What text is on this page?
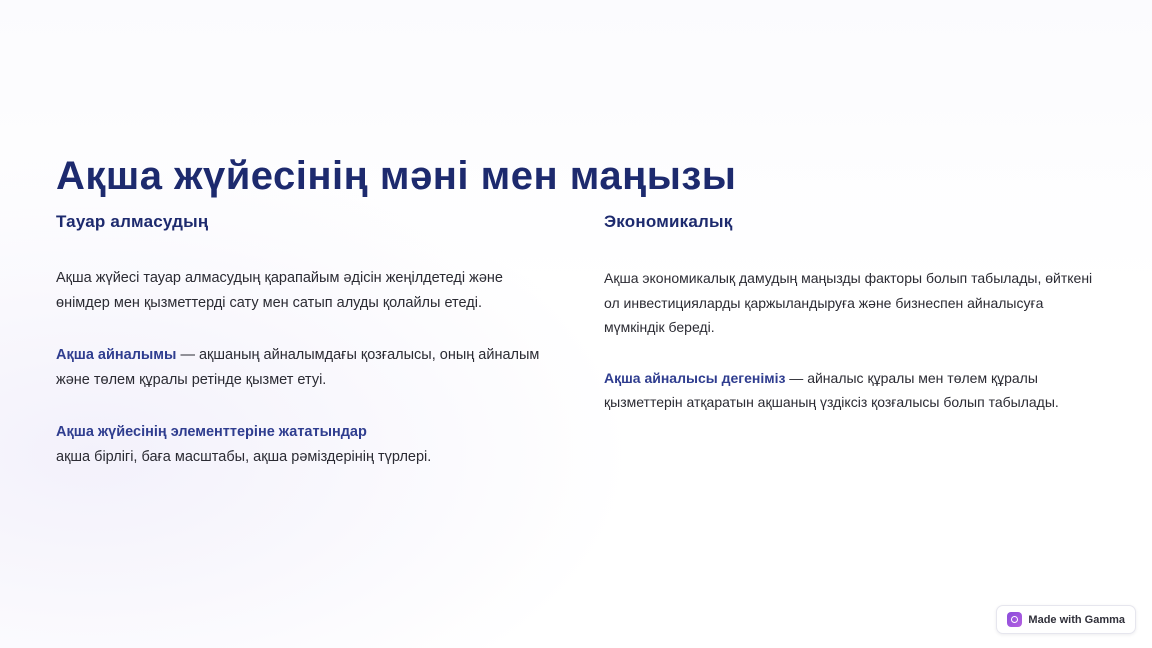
Ақша жүйесінің мәні мен маңызы
Тауар алмасудың

Ақша жүйесі тауар алмасудың қарапайым әдісін жеңілдетеді және өнімдер мен қызметтерді сату мен сатып алуды қолайлы етеді.

Ақша айналымы — ақшаның айналымдағы қозғалысы, оның айналым және төлем құралы ретінде қызмет етуі.

Ақша жүйесінің элементтеріне жататындар
ақша бірлігі, баға масштабы, ақша рәміздерінің түрлері.

Экономикалық

Ақша экономикалық дамудың маңызды факторы болып табылады, өйткені ол инвестицияларды қаржыландыруға және бизнеспен айналысуға мүмкіндік береді.

Ақша айналысы дегеніміз — айналыс құралы мен төлем құралы қызметтерін атқаратын ақшаның үздіксіз қозғалысы болып табылады.

Made with Gamma
